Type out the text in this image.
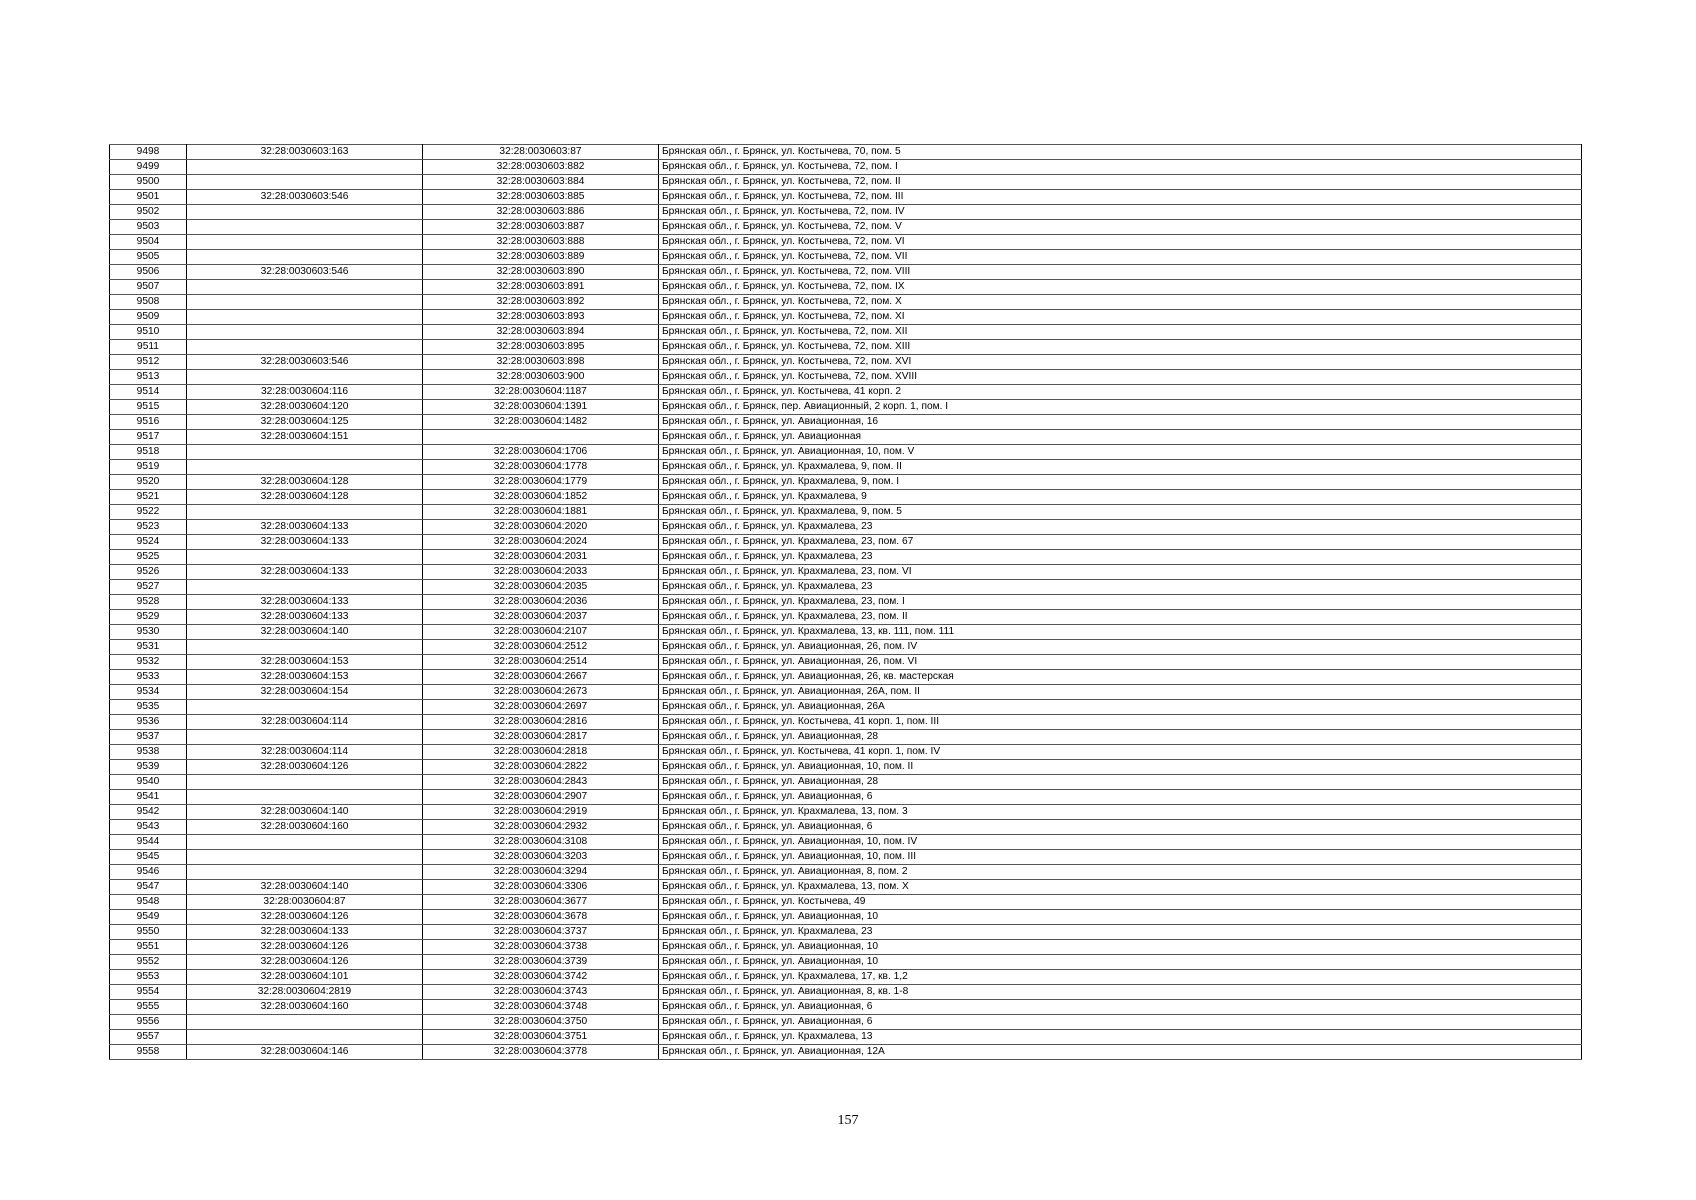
9498	32:28:0030603:163	32:28:0030603:87	Брянская обл., г. Брянск, ул. Костычева, 70, пом. 5
9499		32:28:0030603:882	Брянская обл., г. Брянск, ул. Костычева, 72, пом. I
9500		32:28:0030603:884	Брянская обл., г. Брянск, ул. Костычева, 72, пом. II
9501	32:28:0030603:546	32:28:0030603:885	Брянская обл., г. Брянск, ул. Костычева, 72, пом. III
9502		32:28:0030603:886	Брянская обл., г. Брянск, ул. Костычева, 72, пом. IV
9503		32:28:0030603:887	Брянская обл., г. Брянск, ул. Костычева, 72, пом. V
9504		32:28:0030603:888	Брянская обл., г. Брянск, ул. Костычева, 72, пом. VI
9505		32:28:0030603:889	Брянская обл., г. Брянск, ул. Костычева, 72, пом. VII
9506	32:28:0030603:546	32:28:0030603:890	Брянская обл., г. Брянск, ул. Костычева, 72, пом. VIII
9507		32:28:0030603:891	Брянская обл., г. Брянск, ул. Костычева, 72, пом. IX
9508		32:28:0030603:892	Брянская обл., г. Брянск, ул. Костычева, 72, пом. X
9509		32:28:0030603:893	Брянская обл., г. Брянск, ул. Костычева, 72, пом. XI
9510		32:28:0030603:894	Брянская обл., г. Брянск, ул. Костычева, 72, пом. XII
9511		32:28:0030603:895	Брянская обл., г. Брянск, ул. Костычева, 72, пом. XIII
9512	32:28:0030603:546	32:28:0030603:898	Брянская обл., г. Брянск, ул. Костычева, 72, пом. XVI
9513		32:28:0030603:900	Брянская обл., г. Брянск, ул. Костычева, 72, пом. XVIII
9514	32:28:0030604:116	32:28:0030604:1187	Брянская обл., г. Брянск, ул. Костычева, 41 корп. 2
9515	32:28:0030604:120	32:28:0030604:1391	Брянская обл., г. Брянск, пер. Авиационный, 2 корп. 1, пом. I
9516	32:28:0030604:125	32:28:0030604:1482	Брянская обл., г. Брянск, ул. Авиационная, 16
9517	32:28:0030604:151		Брянская обл., г. Брянск, ул. Авиационная
9518		32:28:0030604:1706	Брянская обл., г. Брянск, ул. Авиационная, 10, пом. V
9519		32:28:0030604:1778	Брянская обл., г. Брянск, ул. Крахмалева, 9, пом. II
9520	32:28:0030604:128	32:28:0030604:1779	Брянская обл., г. Брянск, ул. Крахмалева, 9, пом. I
9521	32:28:0030604:128	32:28:0030604:1852	Брянская обл., г. Брянск, ул. Крахмалева, 9
9522		32:28:0030604:1881	Брянская обл., г. Брянск, ул. Крахмалева, 9, пом. 5
9523	32:28:0030604:133	32:28:0030604:2020	Брянская обл., г. Брянск, ул. Крахмалева, 23
9524	32:28:0030604:133	32:28:0030604:2024	Брянская обл., г. Брянск, ул. Крахмалева, 23, пом. 67
9525		32:28:0030604:2031	Брянская обл., г. Брянск, ул. Крахмалева, 23
9526	32:28:0030604:133	32:28:0030604:2033	Брянская обл., г. Брянск, ул. Крахмалева, 23, пом. VI
9527		32:28:0030604:2035	Брянская обл., г. Брянск, ул. Крахмалева, 23
9528	32:28:0030604:133	32:28:0030604:2036	Брянская обл., г. Брянск, ул. Крахмалева, 23, пом. I
9529	32:28:0030604:133	32:28:0030604:2037	Брянская обл., г. Брянск, ул. Крахмалева, 23, пом. II
9530	32:28:0030604:140	32:28:0030604:2107	Брянская обл., г. Брянск, ул. Крахмалева, 13, кв. 111, пом. 111
9531		32:28:0030604:2512	Брянская обл., г. Брянск, ул. Авиационная, 26, пом. IV
9532	32:28:0030604:153	32:28:0030604:2514	Брянская обл., г. Брянск, ул. Авиационная, 26, пом. VI
9533	32:28:0030604:153	32:28:0030604:2667	Брянская обл., г. Брянск, ул. Авиационная, 26, кв. мастерская
9534	32:28:0030604:154	32:28:0030604:2673	Брянская обл., г. Брянск, ул. Авиационная, 26А, пом. II
9535		32:28:0030604:2697	Брянская обл., г. Брянск, ул. Авиационная, 26А
9536	32:28:0030604:114	32:28:0030604:2816	Брянская обл., г. Брянск, ул. Костычева, 41 корп. 1, пом. III
9537		32:28:0030604:2817	Брянская обл., г. Брянск, ул. Авиационная, 28
9538	32:28:0030604:114	32:28:0030604:2818	Брянская обл., г. Брянск, ул. Костычева, 41 корп. 1, пом. IV
9539	32:28:0030604:126	32:28:0030604:2822	Брянская обл., г. Брянск, ул. Авиационная, 10, пом. II
9540		32:28:0030604:2843	Брянская обл., г. Брянск, ул. Авиационная, 28
9541		32:28:0030604:2907	Брянская обл., г. Брянск, ул. Авиационная, 6
9542	32:28:0030604:140	32:28:0030604:2919	Брянская обл., г. Брянск, ул. Крахмалева, 13, пом. 3
9543	32:28:0030604:160	32:28:0030604:2932	Брянская обл., г. Брянск, ул. Авиационная, 6
9544		32:28:0030604:3108	Брянская обл., г. Брянск, ул. Авиационная, 10, пом. IV
9545		32:28:0030604:3203	Брянская обл., г. Брянск, ул. Авиационная, 10, пом. III
9546		32:28:0030604:3294	Брянская обл., г. Брянск, ул. Авиационная, 8, пом. 2
9547	32:28:0030604:140	32:28:0030604:3306	Брянская обл., г. Брянск, ул. Крахмалева, 13, пом. X
9548	32:28:0030604:87	32:28:0030604:3677	Брянская обл., г. Брянск, ул. Костычева, 49
9549	32:28:0030604:126	32:28:0030604:3678	Брянская обл., г. Брянск, ул. Авиационная, 10
9550	32:28:0030604:133	32:28:0030604:3737	Брянская обл., г. Брянск, ул. Крахмалева, 23
9551	32:28:0030604:126	32:28:0030604:3738	Брянская обл., г. Брянск, ул. Авиационная, 10
9552	32:28:0030604:126	32:28:0030604:3739	Брянская обл., г. Брянск, ул. Авиационная, 10
9553	32:28:0030604:101	32:28:0030604:3742	Брянская обл., г. Брянск, ул. Крахмалева, 17, кв. 1,2
9554	32:28:0030604:2819	32:28:0030604:3743	Брянская обл., г. Брянск, ул. Авиационная, 8, кв. 1-8
9555	32:28:0030604:160	32:28:0030604:3748	Брянская обл., г. Брянск, ул. Авиационная, 6
9556		32:28:0030604:3750	Брянская обл., г. Брянск, ул. Авиационная, 6
9557		32:28:0030604:3751	Брянская обл., г. Брянск, ул. Крахмалева, 13
9558	32:28:0030604:146	32:28:0030604:3778	Брянская обл., г. Брянск, ул. Авиационная, 12А
157
